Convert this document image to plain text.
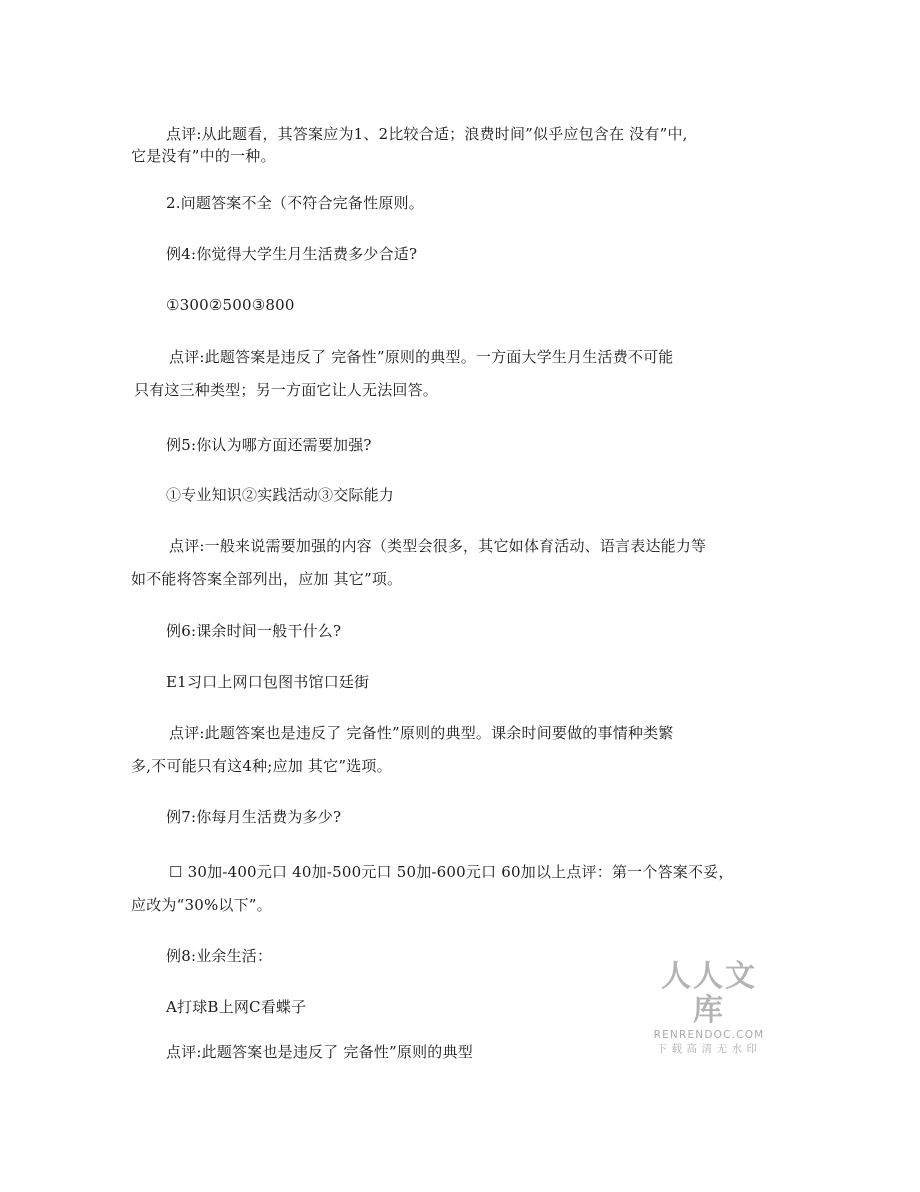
点评:从此题看，其答案应为1、2比较合适；浪费时间”似乎应包含在 没有”中,
它是没有”中的一种。
2.问题答案不全（不符合完备性原则。
例4:你觉得大学生月生活费多少合适?
①300②500③800
点评:此题答案是违反了 完备性”原则的典型。一方面大学生月生活费不可能
只有这三种类型；另一方面它让人无法回答。
例5:你认为哪方面还需要加强?
①专业知识②实践活动③交际能力
点评:一般来说需要加强的内容（类型会很多，其它如体育活动、语言表达能力等
如不能将答案全部列出，应加 其它”项。
例6:课余时间一般干什么?
E1习口上网口包图书馆口廷街
点评:此题答案也是违反了 完备性”原则的典型。课余时间要做的事情种类繁
多,不可能只有这4种;应加 其它”选项。
例7:你每月生活费为多少?
☐ 30加-400元口 40加-500元口 50加-600元口 60加以上点评：第一个答案不妥，
应改为“30%以下”。
例8:业余生活：
A打球B上网C看蝶子
点评:此题答案也是违反了 完备性”原则的典型
人人文库
RENRENDOC.COM
下载高清无水印
